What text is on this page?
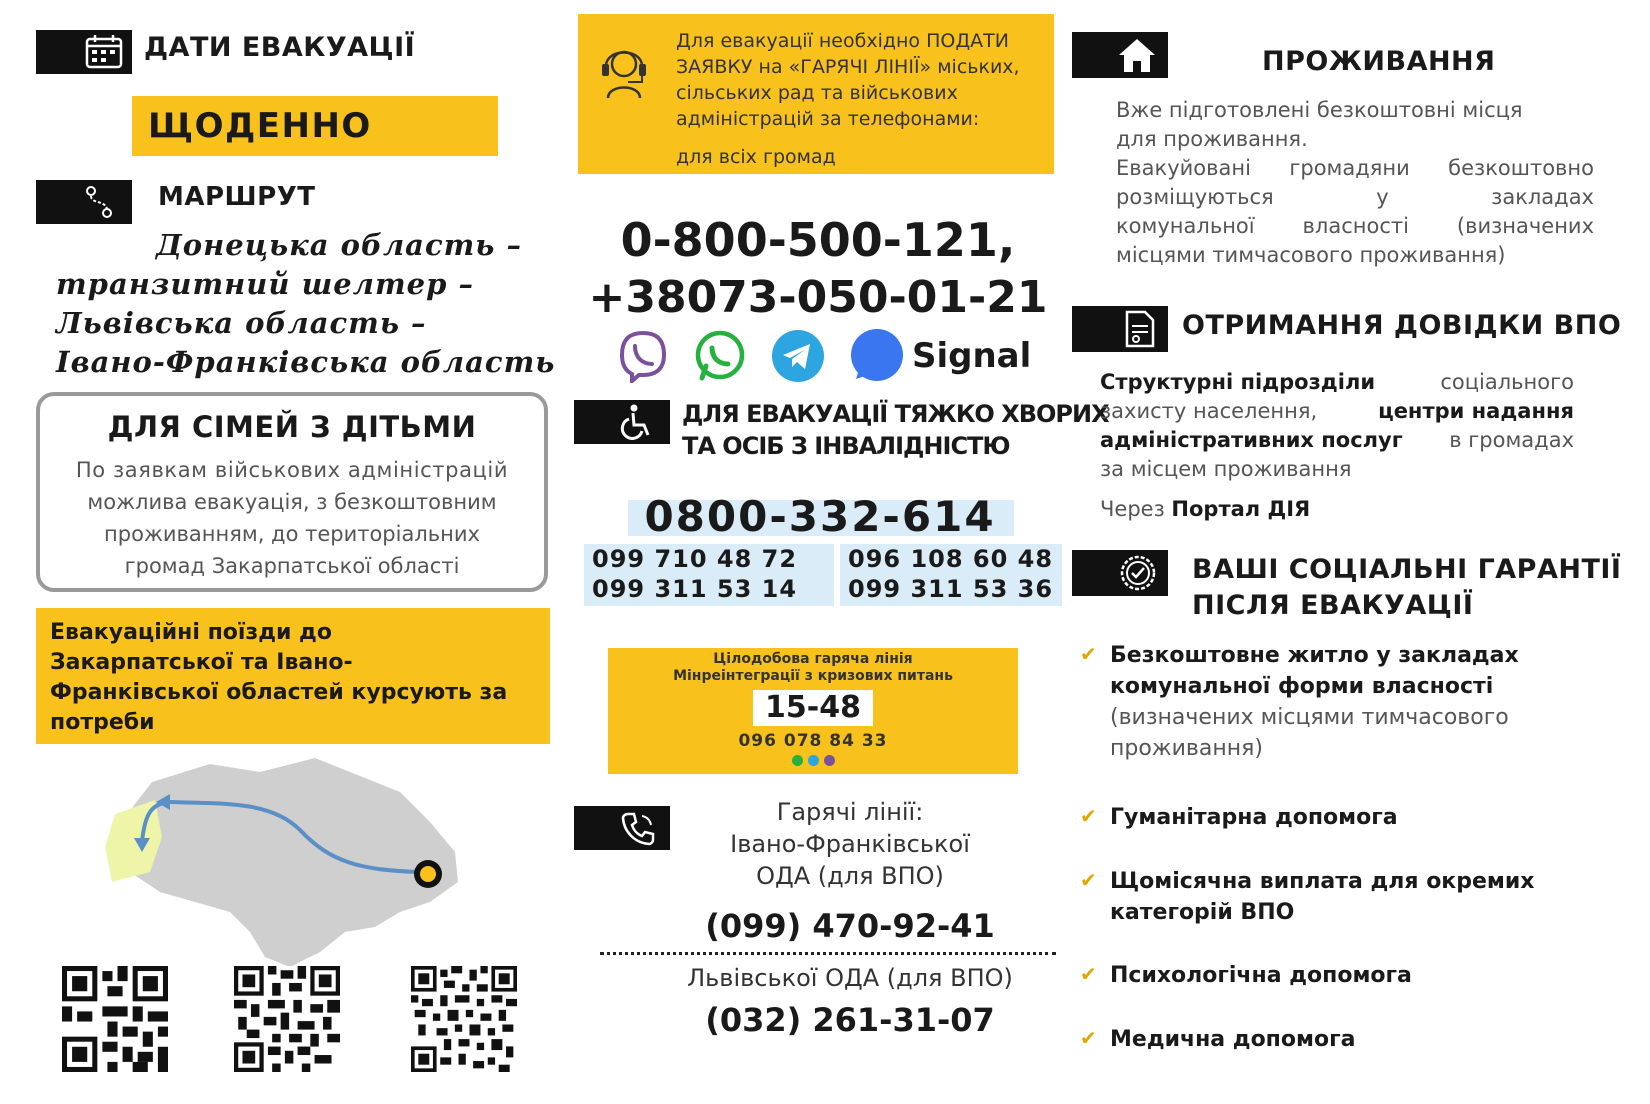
ДАТИ ЕВАКУАЦІЇ
ЩОДЕННО
МАРШРУТ
Донецька область –
транзитний шелтер –
Львівська область –
Івано-Франківська область
ДЛЯ СІМЕЙ З ДІТЬМИ
По заявкам військових адміністрацій
можлива евакуація, з безкоштовним
проживанням, до територіальних
громад Закарпатської області
Евакуаційні поїзди до
Закарпатської та Івано-
Франківської областей курсують за
потреби
Для евакуації необхідно ПОДАТИ
ЗАЯВКУ на «ГАРЯЧІ ЛІНІЇ» міських,
сільських рад та військових
адміністрацій за телефонами:
для всіх громад
0-800-500-121,
+38073-050-01-21
Signal
ДЛЯ ЕВАКУАЦІЇ ТЯЖКО ХВОРИХ
ТА ОСІБ З ІНВАЛІДНІСТЮ
0800-332-614
099 710 48 72
099 311 53 14
096 108 60 48
099 311 53 36
Цілодобова гаряча лінія
Мінреінтеграції з кризових питань
15-48
096 078 84 33
Гарячі лінії:
Івано-Франківської
ОДА (для ВПО)
(099) 470-92-41
Львівської ОДА (для ВПО)
(032) 261-31-07
ПРОЖИВАННЯ
Вже підготовлені безкоштовні місця
для проживання.
Евакуйовані громадяни безкоштовно
розміщуються у закладах
комунальної власності (визначених
місцями тимчасового проживання)
ОТРИМАННЯ ДОВІДКИ ВПО
Структурні підрозділи	соціального
захисту населення,	центри надання
адміністративних послуг в громадах
за місцем проживання
Через Портал ДІЯ
ВАШІ СОЦІАЛЬНІ ГАРАНТІЇ
ПІСЛЯ ЕВАКУАЦІЇ
✔ Безкоштовне житло у закладах
комунальної форми власності
(визначених місцями тимчасового
проживання)
✔ Гуманітарна допомога
✔ Щомісячна виплата для окремих
категорій ВПО
✔ Психологічна допомога
✔ Медична допомога
